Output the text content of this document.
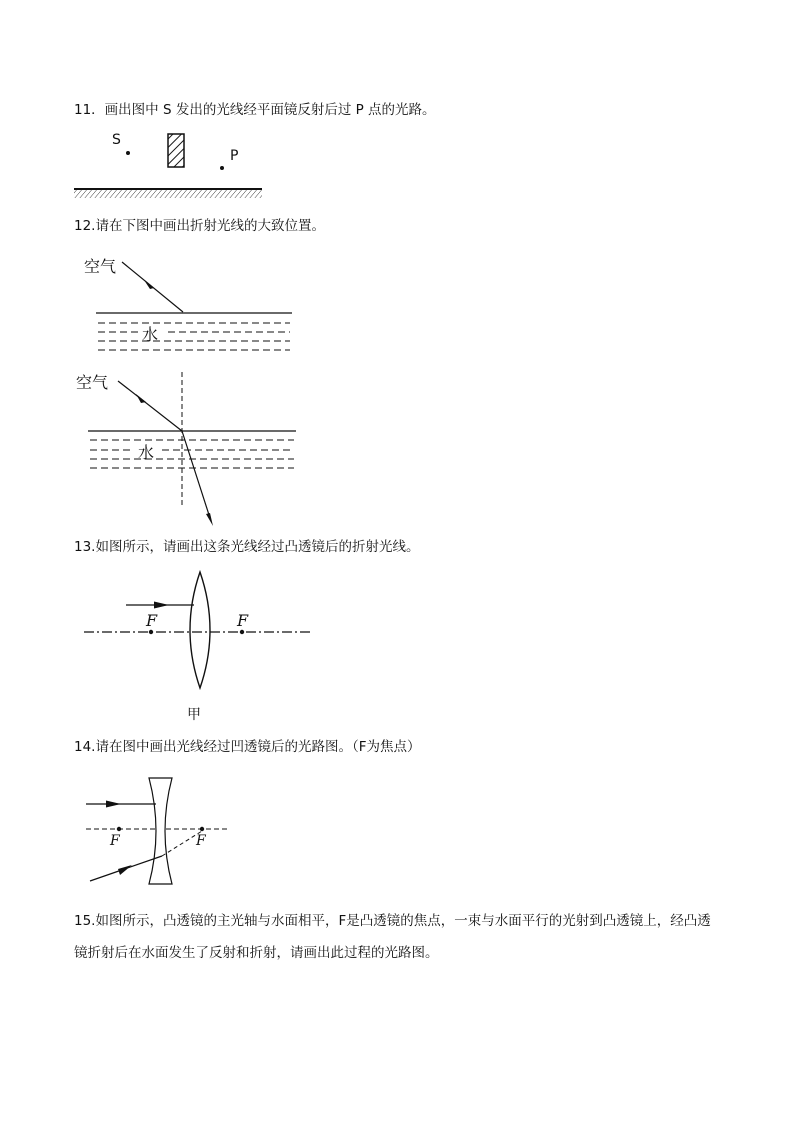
11．画出图中 S 发出的光线经平面镜反射后过 P 点的光路。
S
P
12.请在下图中画出折射光线的大致位置。
空气
水
空气
水
13.如图所示，请画出这条光线经过凸透镜后的折射光线。
F	F
甲
14.请在图中画出光线经过凹透镜后的光路图。（F为焦点）
F	F
15.如图所示，凸透镜的主光轴与水面相平，F是凸透镜的焦点，一束与水面平行的光射到凸透镜上，经凸透镜折射后在水面发生了反射和折射，请画出此过程的光路图。
